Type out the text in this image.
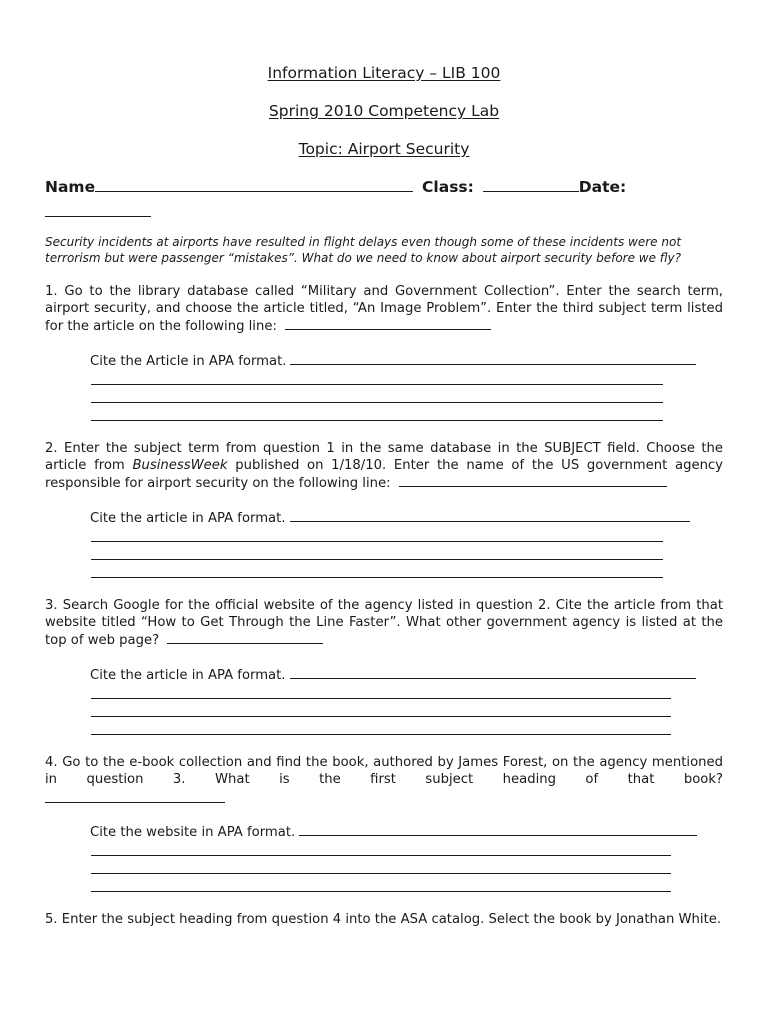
Information Literacy – LIB 100
Spring 2010 Competency Lab
Topic: Airport Security
Name	Class:	Date:
Security incidents at airports have resulted in flight delays even though some of these incidents were not terrorism but were passenger “mistakes”. What do we need to know about airport security before we fly?
1. Go to the library database called “Military and Government Collection”. Enter the search term, airport security, and choose the article titled, “An Image Problem”. Enter the third subject term listed for the article on the following line:
Cite the Article in APA format.
2. Enter the subject term from question 1 in the same database in the SUBJECT field. Choose the article from BusinessWeek published on 1/18/10. Enter the name of the US government agency responsible for airport security on the following line:
Cite the article in APA format.
3. Search Google for the official website of the agency listed in question 2. Cite the article from that website titled “How to Get Through the Line Faster”. What other government agency is listed at the top of web page?
Cite the article in APA format.
4. Go to the e-book collection and find the book, authored by James Forest, on the agency mentioned in question 3. What is the first subject heading of that book?
Cite the website in APA format.
5. Enter the subject heading from question 4 into the ASA catalog. Select the book by Jonathan White.
